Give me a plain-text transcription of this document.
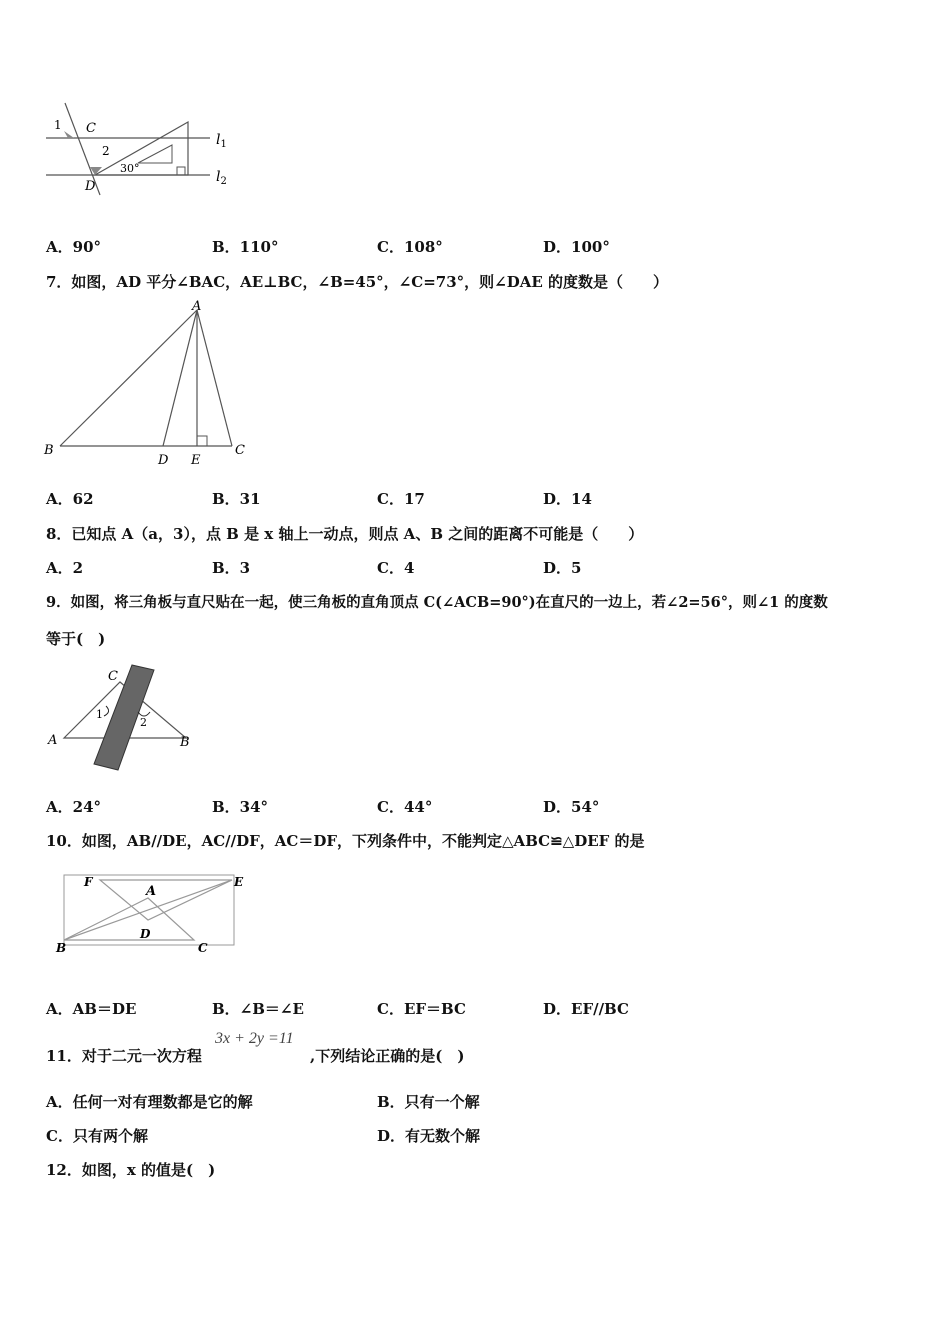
1 C
2
30°
D
$l_1$
$l_2$
A．90°	B．110°	C．108°	D．100°
7．如图，AD 平分∠BAC，AE⊥BC，∠B=45°，∠C=73°，则∠DAE 的度数是（　　）
A
B
D E
C
A．62	B．31	C．17	D．14
8．已知点 A（a，3），点 B 是 x 轴上一动点，则点 A、B 之间的距离不可能是（　　）
A．2	B．3	C．4	D．5
9．如图，将三角板与直尺贴在一起，使三角板的直角顶点 C(∠ACB=90°)在直尺的一边上，若∠2=56°，则∠1 的度数
等于(　)
A	B
C
1
2
A．24°	B．34°	C．44°	D．54°
10．如图，AB//DE，AC//DF，AC＝DF，下列条件中，不能判定△ABC≌△DEF 的是
F
A
E
D
B	C
A．AB＝DE	B．∠B＝∠E	C．EF＝BC	D．EF//BC
11．对于二元一次方程
3x + 2y =11
,下列结论正确的是(　)
A．任何一对有理数都是它的解	B．只有一个解
C．只有两个解	D．有无数个解
12．如图，x 的值是(　)
